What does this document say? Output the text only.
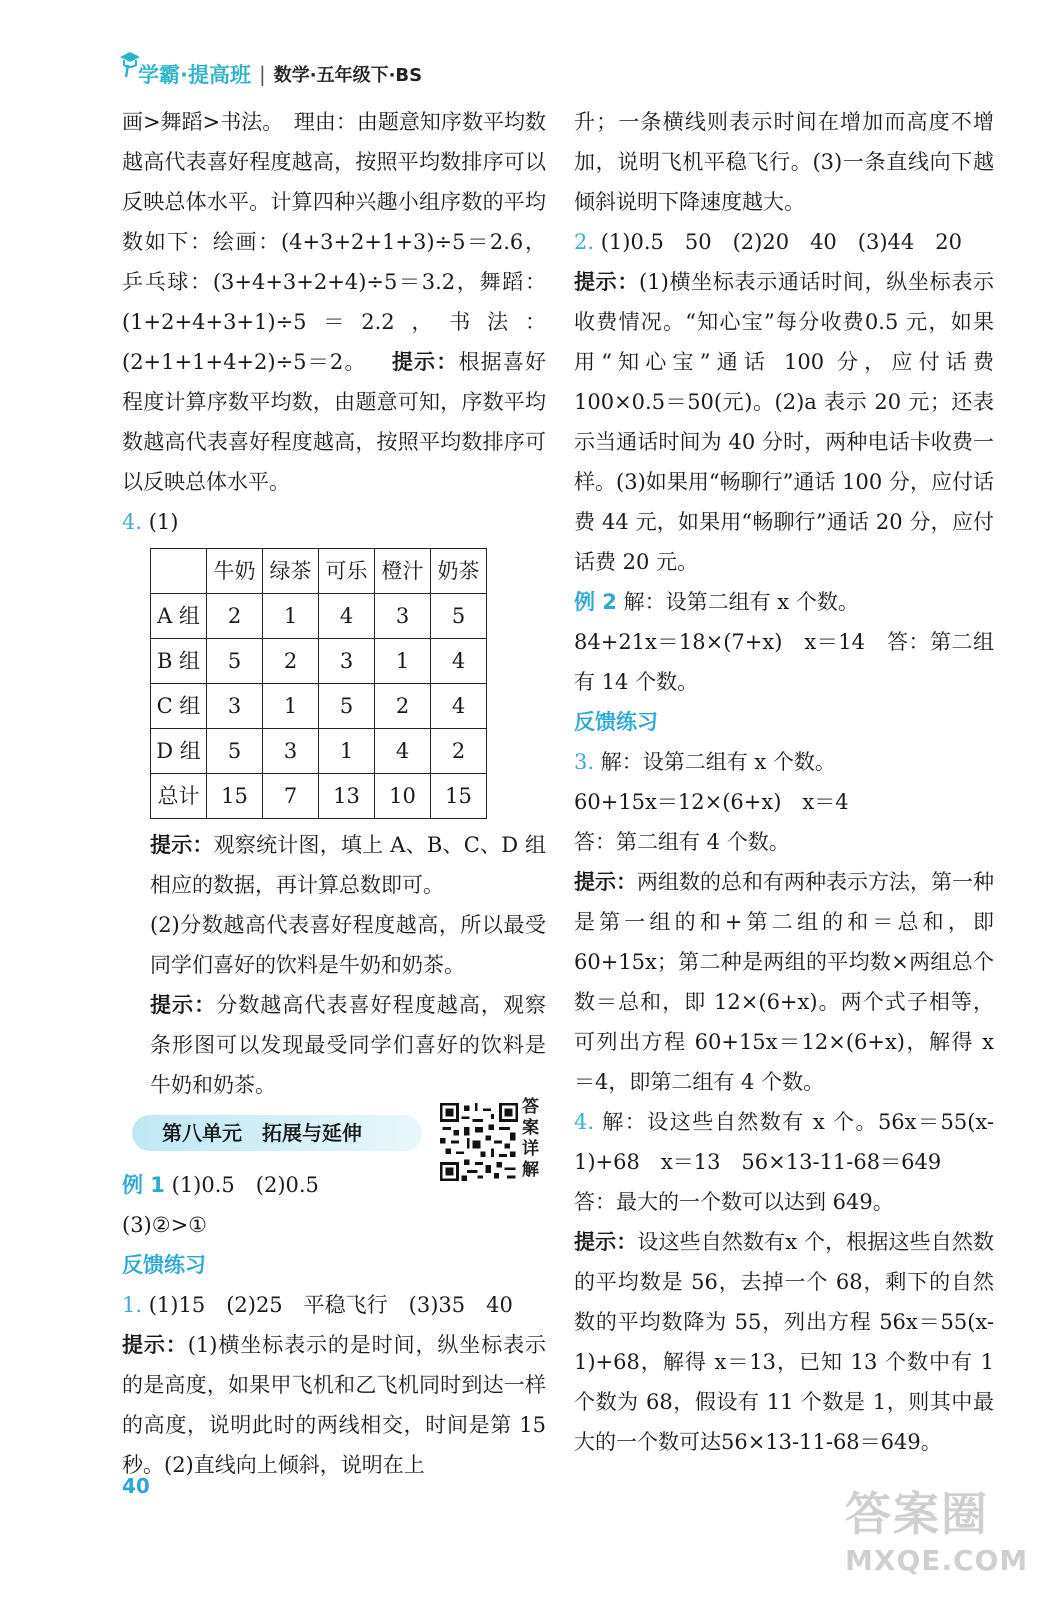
学霸·提高班 | 数学·五年级下·BS

画>舞蹈>书法。　理由：由题意知序数平均数越高代表喜好程度越高，按照平均数排序可以反映总体水平。计算四种兴趣小组序数的平均数如下：绘画：(4+3+2+1+3)÷5＝2.6，乒乓球：(3+4+3+2+4)÷5＝3.2，舞蹈：(1+2+4+3+1)÷5＝2.2，书法：(2+1+1+4+2)÷5＝2。 提示：根据喜好程度计算序数平均数，由题意可知，序数平均数越高代表喜好程度越高，按照平均数排序可以反映总体水平。

4. (1)

	牛奶	绿茶	可乐	橙汁	奶茶
A 组	2	1	4	3	5
B 组	5	2	3	1	4
C 组	3	1	5	2	4
D 组	5	3	1	4	2
总计	15	7	13	10	15

提示：观察统计图，填上 A、B、C、D 组相应的数据，再计算总数即可。

(2)分数越高代表喜好程度越高，所以最受同学们喜好的饮料是牛奶和奶茶。

提示：分数越高代表喜好程度越高，观察条形图可以发现最受同学们喜好的饮料是牛奶和奶茶。

第八单元　拓展与延伸
答案详解

例 1 (1)0.5　(2)0.5

(3)②>①

反馈练习

1. (1)15　(2)25　平稳飞行　(3)35　40

提示：(1)横坐标表示的是时间，纵坐标表示的是高度，如果甲飞机和乙飞机同时到达一样的高度，说明此时的两线相交，时间是第 15 秒。(2)直线向上倾斜，说明在上

升；一条横线则表示时间在增加而高度不增加，说明飞机平稳飞行。(3)一条直线向下越倾斜说明下降速度越大。

2. (1)0.5　50　(2)20　40　(3)44　20

提示：(1)横坐标表示通话时间，纵坐标表示收费情况。“知心宝”每分收费0.5 元，如果用“知心宝”通话 100 分，应付话费 100×0.5＝50(元)。(2)a 表示 20 元；还表示当通话时间为 40 分时，两种电话卡收费一样。(3)如果用“畅聊行”通话 100 分，应付话费 44 元，如果用“畅聊行”通话 20 分，应付话费 20 元。

例 2 解：设第二组有 x 个数。

84+21x＝18×(7+x)　x＝14　答：第二组有 14 个数。

反馈练习

3. 解：设第二组有 x 个数。

60+15x＝12×(6+x)　x＝4

答：第二组有 4 个数。

提示：两组数的总和有两种表示方法，第一种是第一组的和+第二组的和＝总和，即 60+15x；第二种是两组的平均数×两组总个数＝总和，即 12×(6+x)。两个式子相等，可列出方程 60+15x＝12×(6+x)，解得 x＝4，即第二组有 4 个数。

4. 解：设这些自然数有 x 个。56x＝55(x-1)+68　x＝13　56×13-11-68＝649

答：最大的一个数可以达到 649。

提示：设这些自然数有x 个，根据这些自然数的平均数是 56，去掉一个 68，剩下的自然数的平均数降为 55，列出方程 56x＝55(x-1)+68，解得 x＝13，已知 13 个数中有 1 个数为 68，假设有 11 个数是 1，则其中最大的一个数可达56×13-11-68＝649。

40
答案圈
MXQE.COM
